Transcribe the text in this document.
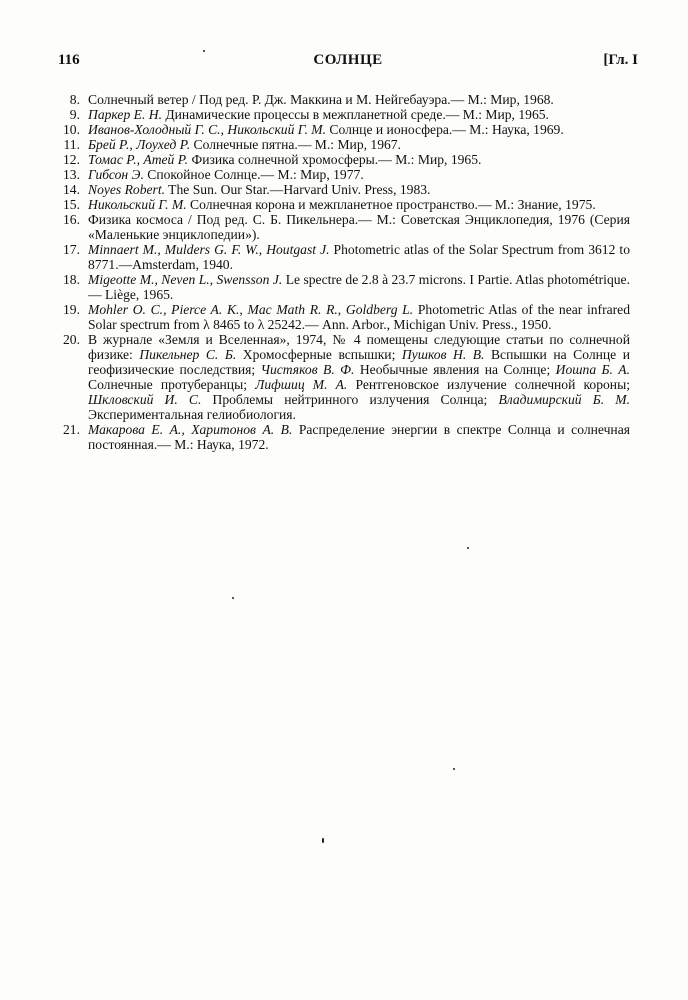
116	СОЛНЦЕ	[Гл. I
8. Солнечный ветер / Под ред. Р. Дж. Маккина и М. Нейгебауэра.— М.: Мир, 1968.
9. Паркер Е. Н. Динамические процессы в межпланетной среде.— М.: Мир, 1965.
10. Иванов-Холодный Г. С., Никольский Г. М. Солнце и ионосфера.— М.: Наука, 1969.
11. Брей Р., Лоухед Р. Солнечные пятна.— М.: Мир, 1967.
12. Томас Р., Атей Р. Физика солнечной хромосферы.— М.: Мир, 1965.
13. Гибсон Э. Спокойное Солнце.— М.: Мир, 1977.
14. Noyes Robert. The Sun. Our Star.—Harvard Univ. Press, 1983.
15. Никольский Г. М. Солнечная корона и межпланетное пространство.— М.: Знание, 1975.
16. Физика космоса / Под ред. С. Б. Пикельнера.— М.: Советская Энциклопедия, 1976 (Серия «Маленькие энциклопедии»).
17. Minnaert M., Mulders G. F. W., Houtgast J. Photometric atlas of the Solar Spectrum from 3612 to 8771.—Amsterdam, 1940.
18. Migeotte M., Neven L., Swensson J. Le spectre de 2.8 à 23.7 microns. I Partie. Atlas photométrique.— Liège, 1965.
19. Mohler O. C., Pierce A. K., Mac Math R. R., Goldberg L. Photometric Atlas of the near infrared Solar spectrum from λ 8465 to λ 25242.— Ann. Arbor., Michigan Univ. Press., 1950.
20. В журнале «Земля и Вселенная», 1974, № 4 помещены следующие статьи по солнечной физике: Пикельнер С. Б. Хромосферные вспышки; Пушков Н. В. Вспышки на Солнце и геофизические последствия; Чистяков В. Ф. Необычные явления на Солнце; Иошпа Б. А. Солнечные протуберанцы; Лифшиц М. А. Рентгеновское излучение солнечной короны; Шкловский И. С. Проблемы нейтринного излучения Солнца; Владимирский Б. М. Экспериментальная гелиобиология.
21. Макарова Е. А., Харитонов А. В. Распределение энергии в спектре Солнца и солнечная постоянная.— М.: Наука, 1972.
